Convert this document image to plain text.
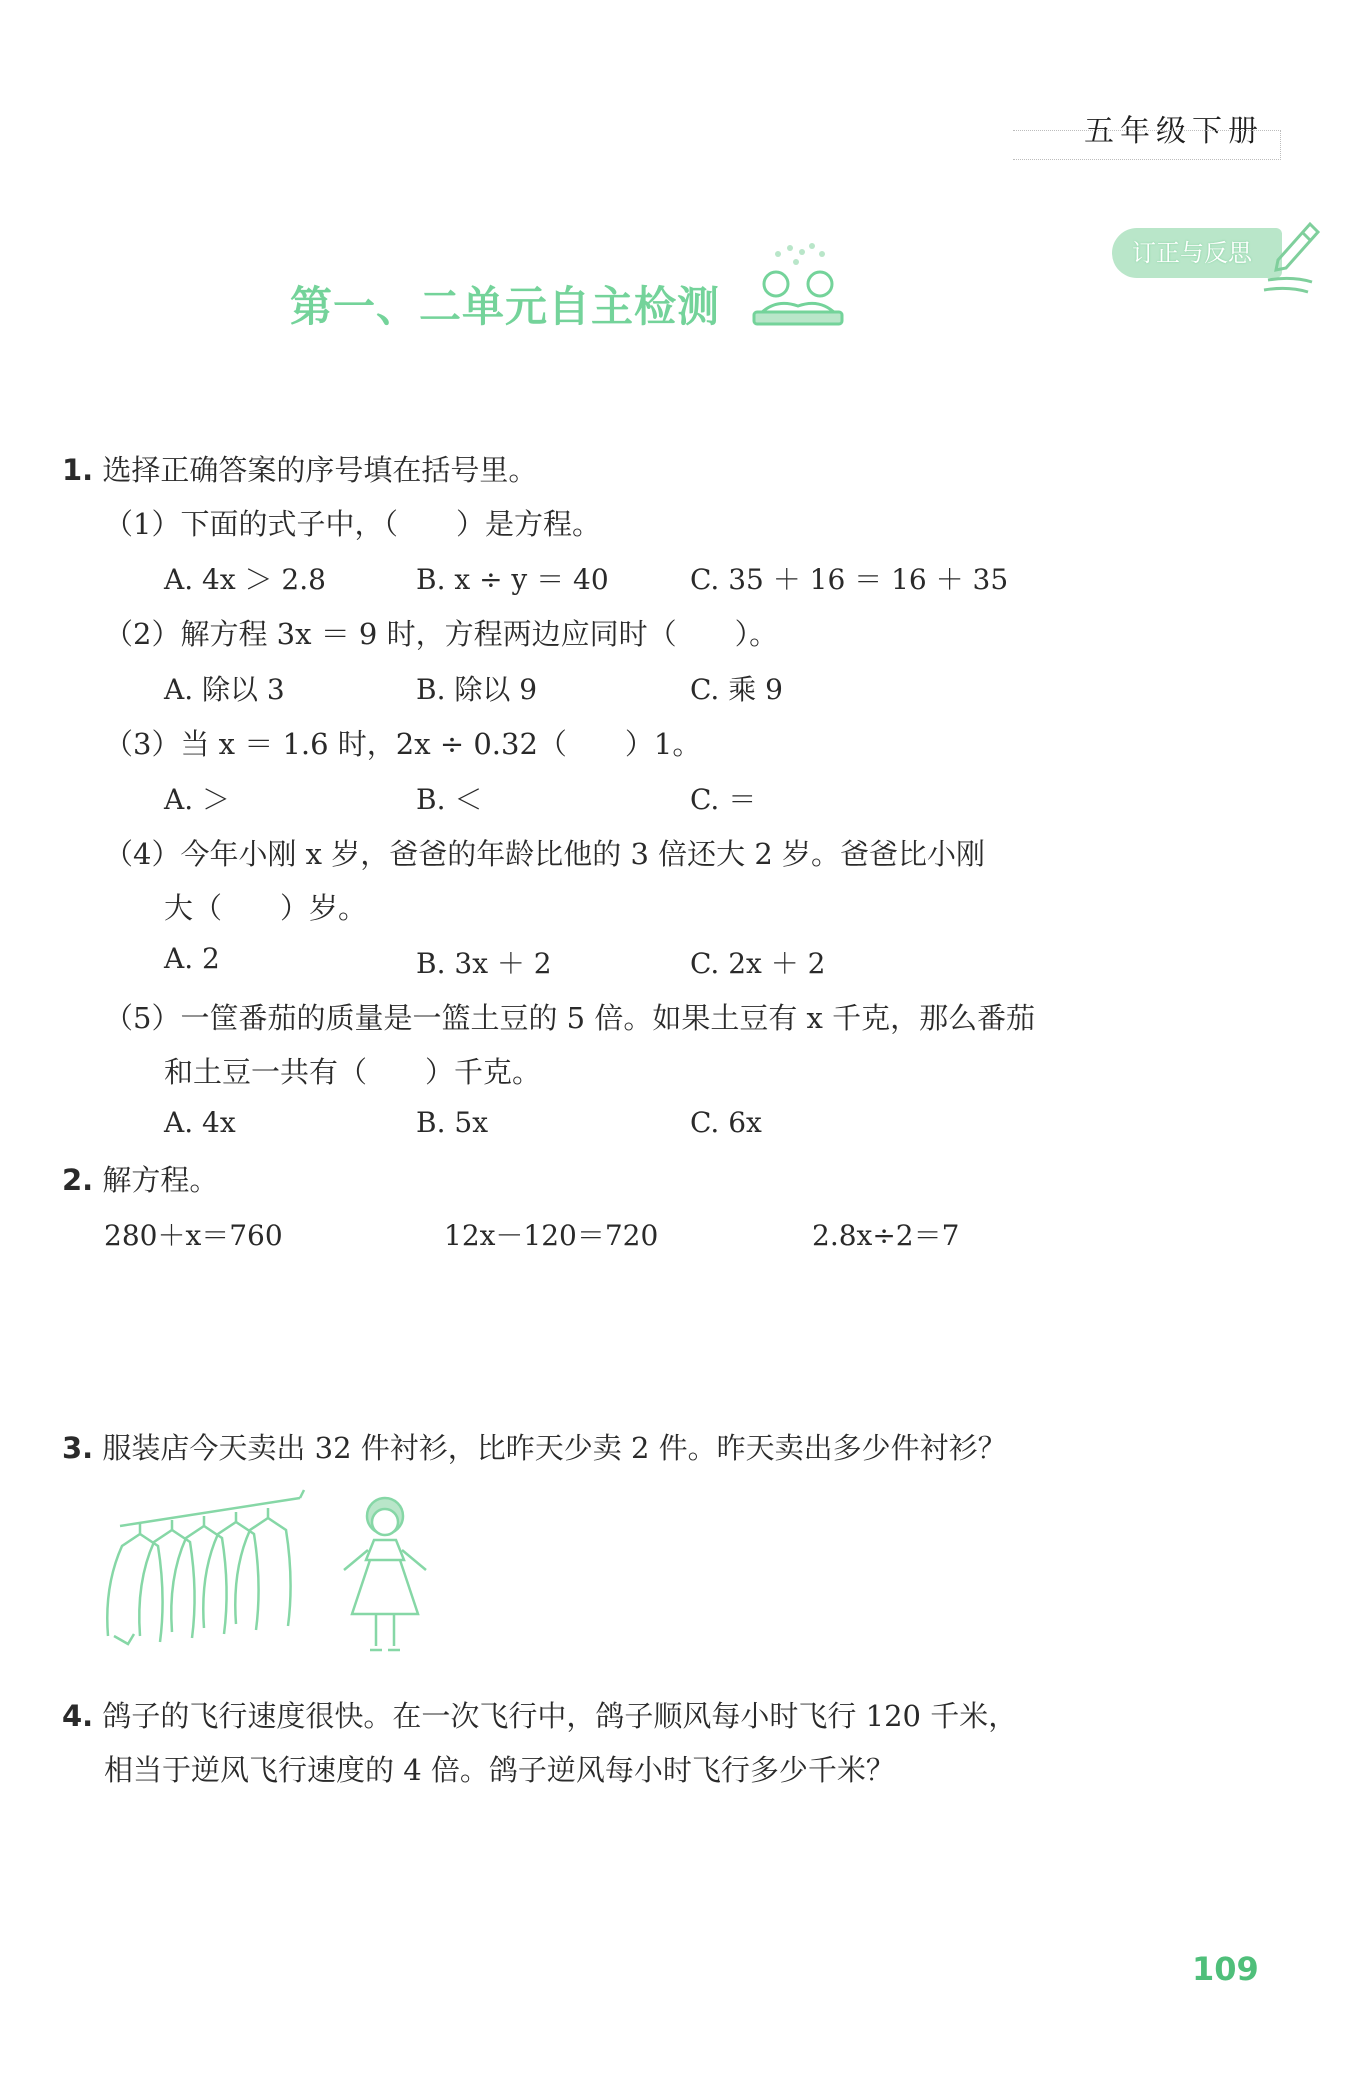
五年级下册
订正与反思
第一、二单元自主检测
1. 选择正确答案的序号填在括号里。
（1）下面的式子中，（　　）是方程。
A. 4x ＞ 2.8	B. x ÷ y ＝ 40	C. 35 ＋ 16 ＝ 16 ＋ 35
（2）解方程 3x ＝ 9 时，方程两边应同时（　　）。
A. 除以 3	B. 除以 9	C. 乘 9
（3）当 x ＝ 1.6 时，2x ÷ 0.32（　　）1。
A. ＞	B. ＜	C. ＝
（4）今年小刚 x 岁，爸爸的年龄比他的 3 倍还大 2 岁。爸爸比小刚
大（　　）岁。
A. 2	B. 3x ＋ 2	C. 2x ＋ 2
（5）一筐番茄的质量是一篮土豆的 5 倍。如果土豆有 x 千克，那么番茄
和土豆一共有（　　）千克。
A. 4x	B. 5x	C. 6x
2. 解方程。
280＋x＝760	12x－120＝720	2.8x÷2＝7
3. 服装店今天卖出 32 件衬衫，比昨天少卖 2 件。昨天卖出多少件衬衫？
4. 鸽子的飞行速度很快。在一次飞行中，鸽子顺风每小时飞行 120 千米，
相当于逆风飞行速度的 4 倍。鸽子逆风每小时飞行多少千米？
109
